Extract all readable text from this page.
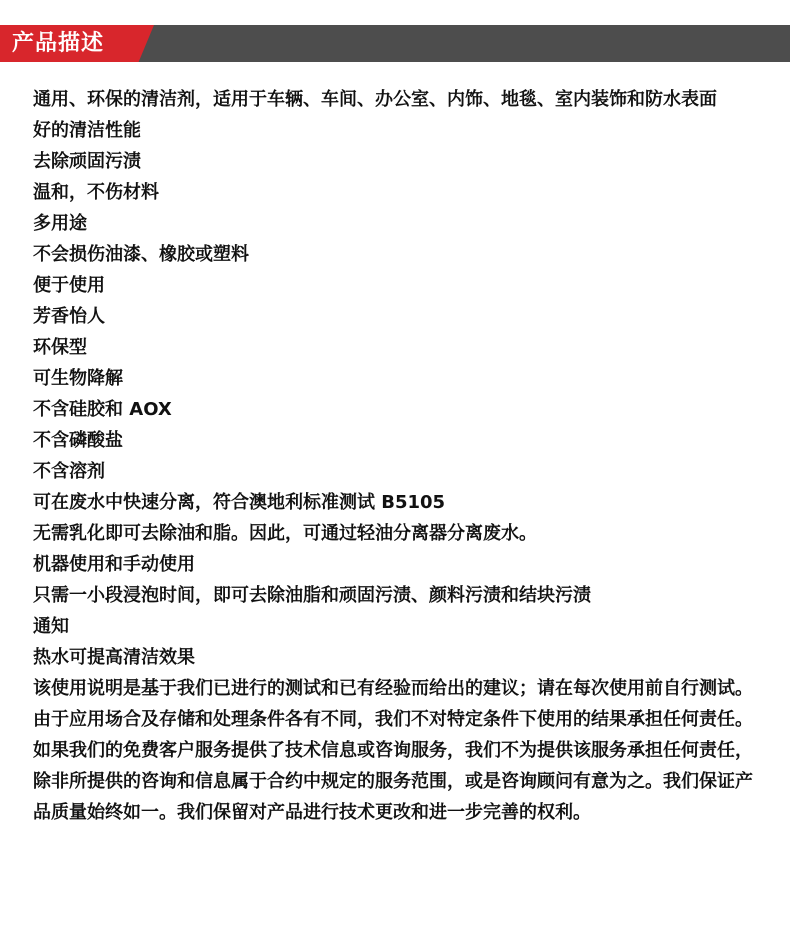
产品描述

通用、环保的清洁剂，适用于车辆、车间、办公室、内饰、地毯、室内装饰和防水表面

好的清洁性能

去除顽固污渍

温和，不伤材料

多用途

不会损伤油漆、橡胶或塑料

便于使用

芳香怡人

环保型

可生物降解

不含硅胶和 AOX

不含磷酸盐

不含溶剂

可在废水中快速分离，符合澳地利标准测试 B5105

无需乳化即可去除油和脂。因此，可通过轻油分离器分离废水。

机器使用和手动使用

只需一小段浸泡时间，即可去除油脂和顽固污渍、颜料污渍和结块污渍

通知

热水可提高清洁效果

该使用说明是基于我们已进行的测试和已有经验而给出的建议；请在每次使用前自行测试。由于应用场合及存储和处理条件各有不同，我们不对特定条件下使用的结果承担任何责任。如果我们的免费客户服务提供了技术信息或咨询服务，我们不为提供该服务承担任何责任，除非所提供的咨询和信息属于合约中规定的服务范围，或是咨询顾问有意为之。我们保证产品质量始终如一。我们保留对产品进行技术更改和进一步完善的权利。
